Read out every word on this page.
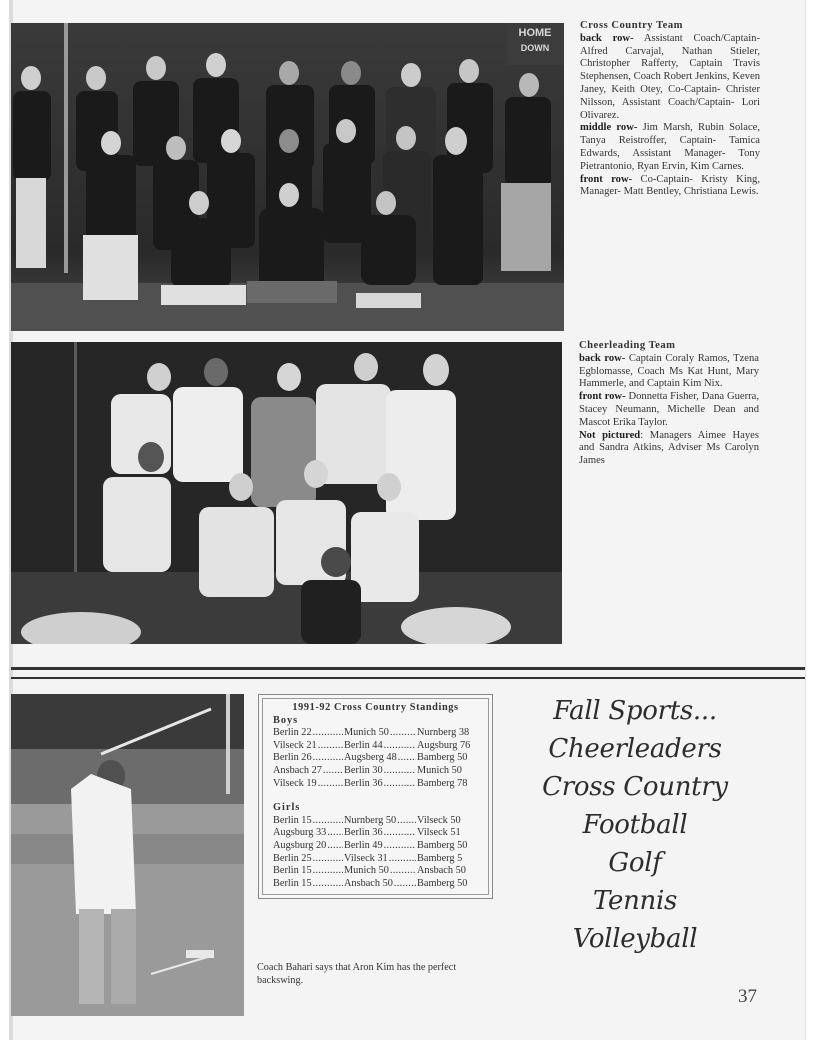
HOME
DOWN
Cross Country Team
back row- Assistant Coach/Captain- Alfred Carvajal, Nathan Stieler, Christopher Rafferty, Captain Travis Stephensen, Coach Robert Jenkins, Keven Janey, Keith Otey, Co-Captain- Christer Nilsson, Assistant Coach/Captain- Lori Olivarez.
middle row- Jim Marsh, Rubin Solace, Tanya Reistroffer, Captain- Tamica Edwards, Assistant Manager- Tony Pietrantonio, Ryan Ervin, Kim Carnes.
front row- Co-Captain- Kristy King, Manager- Matt Bentley, Christiana Lewis.
Cheerleading Team
back row- Captain Coraly Ramos, Tzena Egblomasse, Coach Ms Kat Hunt, Mary Hammerle, and Captain Kim Nix.
front row- Donnetta Fisher, Dana Guerra, Stacey Neumann, Michelle Dean and Mascot Erika Taylor.
Not pictured: Managers Aimee Hayes and Sandra Atkins, Adviser Ms Carolyn James
1991-92 Cross Country Standings
Boys
Berlin 22 .....	Munich 50 .....	Nurnberg 38
Vilseck 21 .....	Berlin 44 .....	Augsburg 76
Berlin 26 .....	Augsberg 48 ..... Bamberg 50
Ansbach 27 ..... Berlin 30 .....	Munich 50
Vilseck 19 .....	Berlin 36 .....	Bamberg 78
Girls
Berlin 15 .....	Nurnberg 50 ..... Vilseck 50
Augsburg 33 ..... Berlin 36 .....	Vilseck 51
Augsburg 20 ..... Berlin 49 .....	Bamberg 50
Berlin 25 .....	Vilseck 31 .....	Bamberg 5
Berlin 15 .....	Munich 50 .....	Ansbach 50
Berlin 15 .....	Ansbach 50 ..... Bamberg 50
Coach Bahari says that Aron Kim has the perfect backswing.
Fall Sports...
Cheerleaders
Cross Country
Football
Golf
Tennis
Volleyball
37
